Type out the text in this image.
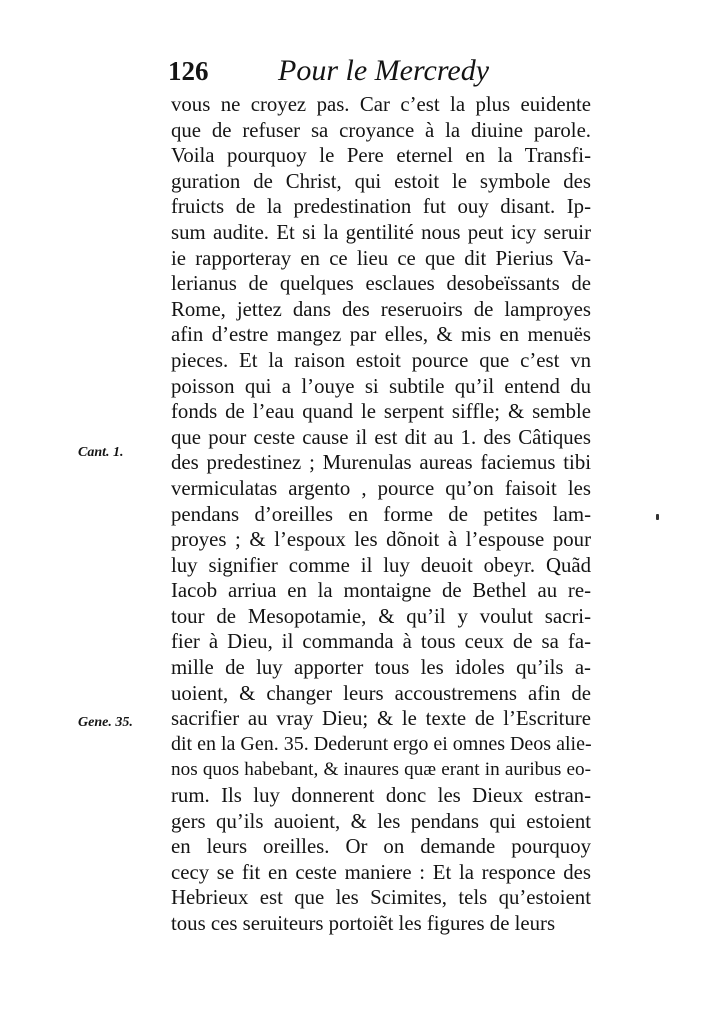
126 Pour le Mercredy
Cant. 1.
Gene. 35.
vous ne croyez pas. Car c’est la plus euidente
que de refuser sa croyance à la diuine parole.
Voila pourquoy le Pere eternel en la Transfi-
guration de Christ, qui estoit le symbole des
fruicts de la predestination fut ouy disant. Ip-
sum audite. Et si la gentilité nous peut icy seruir
ie rapporteray en ce lieu ce que dit Pierius Va-
lerianus de quelques esclaues desobeïssants de
Rome, jettez dans des reseruoirs de lamproyes
afin d’estre mangez par elles, & mis en menuës
pieces. Et la raison estoit pource que c’est vn
poisson qui a l’ouye si subtile qu’il entend du
fonds de l’eau quand le serpent siffle; & semble
que pour ceste cause il est dit au 1. des Câtiques
des predestinez ; Murenulas aureas faciemus tibi
vermiculatas argento , pource qu’on faisoit les
pendans d’oreilles en forme de petites lam-
proyes ; & l’espoux les dõnoit à l’espouse pour
luy signifier comme il luy deuoit obeyr. Quãd
Iacob arriua en la montaigne de Bethel au re-
tour de Mesopotamie, & qu’il y voulut sacri-
fier à Dieu, il commanda à tous ceux de sa fa-
mille de luy apporter tous les idoles qu’ils a-
uoient, & changer leurs accoustremens afin de
sacrifier au vray Dieu; & le texte de l’Escriture
dit en la Gen. 35. Dederunt ergo ei omnes Deos alie-
nos quos habebant, & inaures quæ erant in auribus eo-
rum. Ils luy donnerent donc les Dieux estran-
gers qu’ils auoient, & les pendans qui estoient
en leurs oreilles. Or on demande pourquoy
cecy se fit en ceste maniere : Et la responce des
Hebrieux est que les Scimites, tels qu’estoient
tous ces seruiteurs portoiẽt les figures de leurs
